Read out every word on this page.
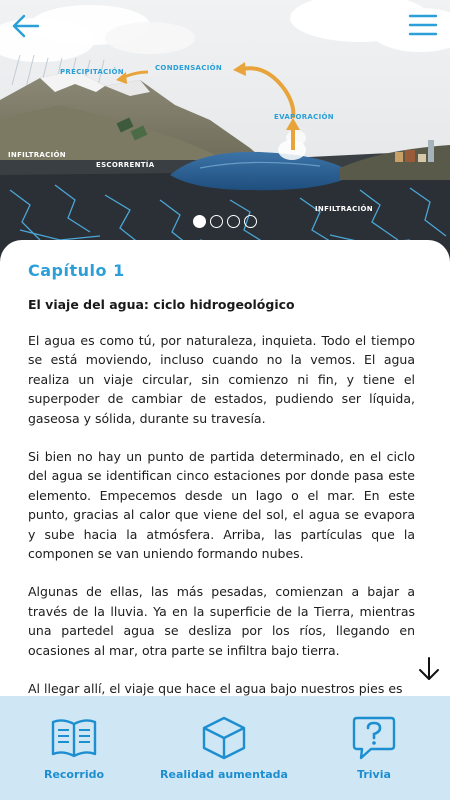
PRECIPITACIÓN	CONDENSACIÓN
EVAPORACIÓN
INFILTRACIÓN
ESCORRENTÍA
INFILTRACIÓN
Capítulo 1
El viaje del agua: ciclo hidrogeológico

El agua es como tú, por naturaleza, inquieta. Todo el tiempo se está moviendo, incluso cuando no la vemos. El agua realiza un viaje circular, sin comienzo ni fin, y tiene el superpoder de cambiar de estados, pudiendo ser líquida, gaseosa y sólida, durante su travesía.

Si bien no hay un punto de partida determinado, en el ciclo del agua se identifican cinco estaciones por donde pasa este elemento. Empecemos desde un lago o el mar. En este punto, gracias al calor que viene del sol, el agua se evapora y sube hacia la atmósfera. Arriba, las partículas que la componen se van uniendo formando nubes.

Algunas de ellas, las más pesadas, comienzan a bajar a través de la lluvia. Ya en la superficie de la Tierra, mientras una partedel agua se desliza por los ríos, llegando en ocasiones al mar, otra parte se infiltra bajo tierra.

Al llegar allí, el viaje que hace el agua bajo nuestros pies es

Recorrido	Realidad aumentada	Trivia
